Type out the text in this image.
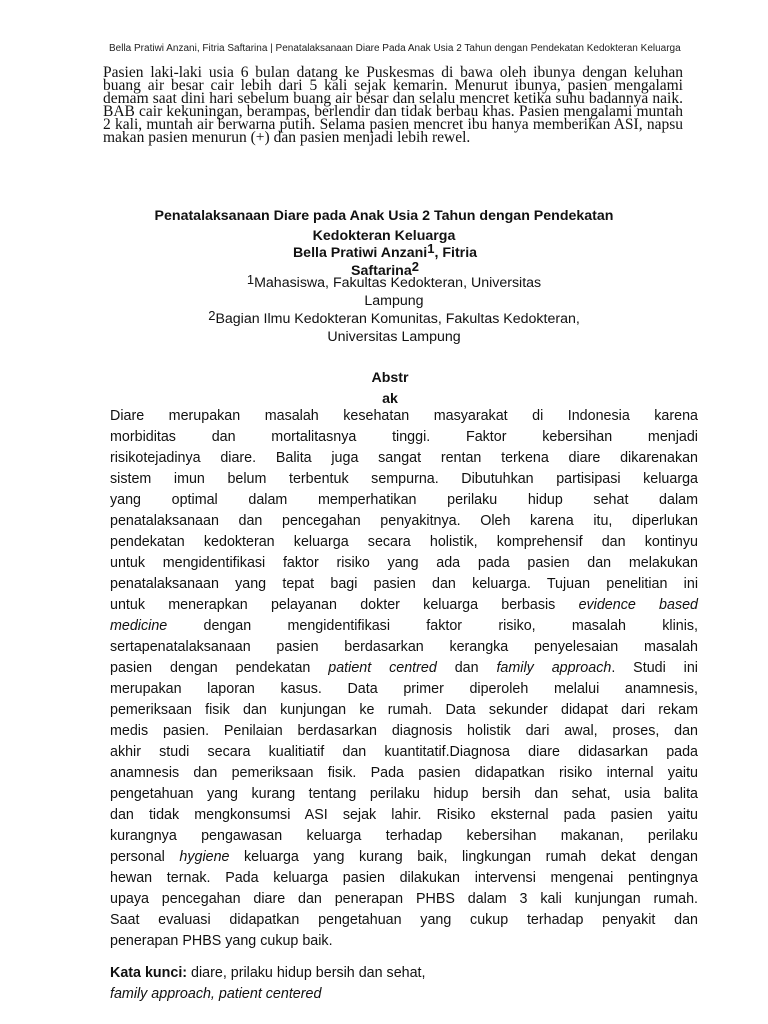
Bella Pratiwi Anzani, Fitria Saftarina | Penatalaksanaan Diare Pada Anak Usia 2 Tahun dengan Pendekatan Kedokteran Keluarga
Pasien laki-laki usia 6 bulan datang ke Puskesmas di bawa oleh ibunya dengan keluhan buang air besar cair lebih dari 5 kali sejak kemarin. Menurut ibunya, pasien mengalami demam saat dini hari sebelum buang air besar dan selalu mencret ketika suhu badannya naik. BAB cair kekuningan, berampas, berlendir dan tidak berbau khas. Pasien mengalami muntah 2 kali, muntah air berwarna putih. Selama pasien mencret ibu hanya memberikan ASI, napsu makan pasien menurun (+) dan pasien menjadi lebih rewel.
Penatalaksanaan Diare pada Anak Usia 2 Tahun dengan Pendekatan
Kedokteran Keluarga
Bella Pratiwi Anzani$^1$, Fitria
Saftarina$^2$
$^1$Mahasiswa, Fakultas Kedokteran, Universitas
Lampung
$^2$Bagian Ilmu Kedokteran Komunitas, Fakultas Kedokteran,
Universitas Lampung
Abstr
ak
Diare merupakan masalah kesehatan masyarakat di Indonesia karena
morbiditas dan mortalitasnya tinggi. Faktor kebersihan menjadi
risikotejadinya diare. Balita juga sangat rentan terkena diare dikarenakan
sistem imun belum terbentuk sempurna. Dibutuhkan partisipasi keluarga
yang optimal dalam memperhatikan perilaku hidup sehat dalam
penatalaksanaan dan pencegahan penyakitnya. Oleh karena itu, diperlukan
pendekatan kedokteran keluarga secara holistik, komprehensif dan kontinyu
untuk mengidentifikasi faktor risiko yang ada pada pasien dan melakukan
penatalaksanaan yang tepat bagi pasien dan keluarga. Tujuan penelitian ini
untuk menerapkan pelayanan dokter keluarga berbasis evidence based
medicine dengan mengidentifikasi faktor risiko, masalah klinis,
sertapenatalaksanaan pasien berdasarkan kerangka penyelesaian masalah
pasien dengan pendekatan patient centred dan family approach. Studi ini
merupakan laporan kasus. Data primer diperoleh melalui anamnesis,
pemeriksaan fisik dan kunjungan ke rumah. Data sekunder didapat dari rekam
medis pasien. Penilaian berdasarkan diagnosis holistik dari awal, proses, dan
akhir studi secara kualitiatif dan kuantitatif.Diagnosa diare didasarkan pada
anamnesis dan pemeriksaan fisik. Pada pasien didapatkan risiko internal yaitu
pengetahuan yang kurang tentang perilaku hidup bersih dan sehat, usia balita
dan tidak mengkonsumsi ASI sejak lahir. Risiko eksternal pada pasien yaitu
kurangnya pengawasan keluarga terhadap kebersihan makanan, perilaku
personal hygiene keluarga yang kurang baik, lingkungan rumah dekat dengan
hewan ternak. Pada keluarga pasien dilakukan intervensi mengenai pentingnya
upaya pencegahan diare dan penerapan PHBS dalam 3 kali kunjungan rumah.
Saat evaluasi didapatkan pengetahuan yang cukup terhadap penyakit dan
penerapan PHBS yang cukup baik.
Kata kunci: diare, prilaku hidup bersih dan sehat,
family approach, patient centered
